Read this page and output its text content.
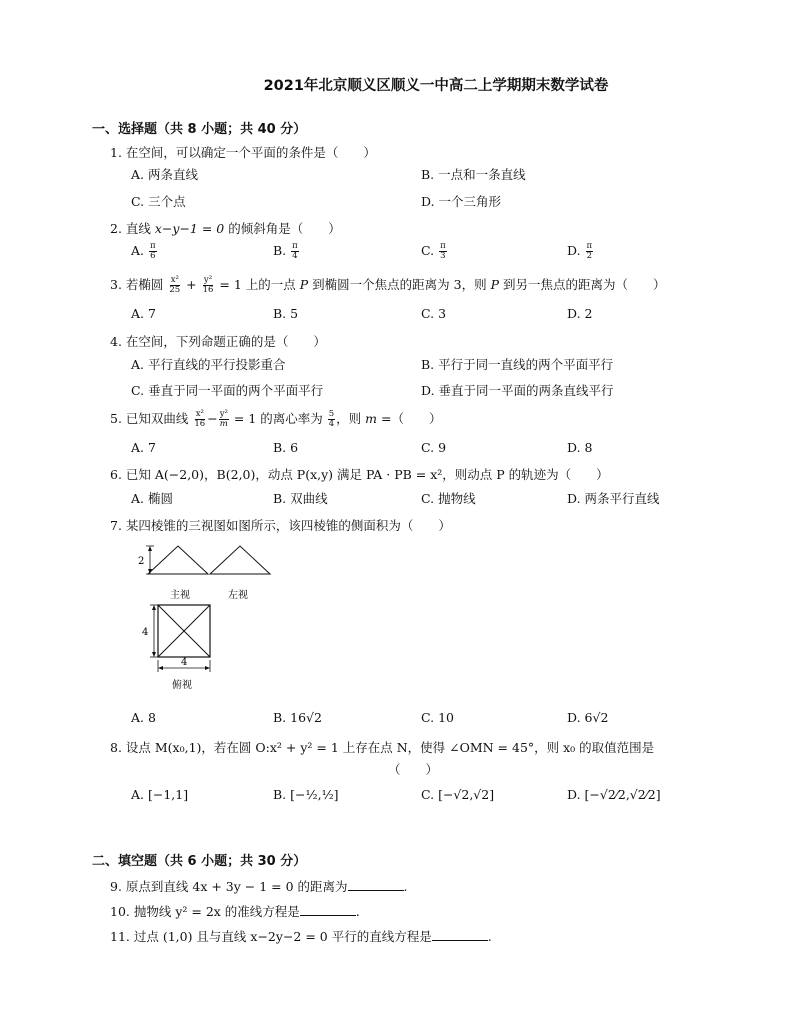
2021年北京顺义区顺义一中高二上学期期末数学试卷
一、选择题（共 8 小题；共 40 分）
1. 在空间，可以确定一个平面的条件是（　　）
A. 两条直线	B. 一点和一条直线
C. 三个点	D. 一个三角形
2. 直线 x−y−1 = 0 的倾斜角是（　　）
A. $\frac{\pi}{6}$	B. $\frac{\pi}{4}$	C. $\frac{\pi}{3}$	D. $\frac{\pi}{2}$
3. 若椭圆 $\frac{\text{x²}}{25} + \frac{\text{y²}}{16} = 1$ 上的一点 P 到椭圆一个焦点的距离为 3，则 P 到另一焦点的距离为（　　）
A. 7	B. 5	C. 3	D. 2
4. 在空间，下列命题正确的是（　　）
A. 平行直线的平行投影重合	B. 平行于同一直线的两个平面平行
C. 垂直于同一平面的两个平面平行	D. 垂直于同一平面的两条直线平行
5. 已知双曲线 $\frac{\text{x²}}{16} - \frac{\text{y²}}{m} = 1$ 的离心率为 $\frac{5}{4}$ ，则 m =（　　）
A. 7	B. 6	C. 9	D. 8
6. 已知 A(−2,0)，B(2,0)，动点 P(x,y) 满足 PA · PB = x²，则动点 P 的轨迹为（　　）
A. 椭圆	B. 双曲线	C. 抛物线	D. 两条平行直线
7. 某四棱锥的三视图如图所示，该四棱锥的侧面积为（　　）
2
主视	左视
4
4
俯视
A. 8	B. 16√2	C. 10	D. 6√2
8. 设点 M(x₀,1)，若在圆 O:x² + y² = 1 上存在点 N，使得 ∠OMN = 45°，则 x₀ 的取值范围是
（　　）
A. [−1,1]	B. [−½,½]	C. [−√2,√2]	D. [−√2⁄2,√2⁄2]
二、填空题（共 6 小题；共 30 分）
9. 原点到直线 4x + 3y − 1 = 0 的距离为	.
10. 抛物线 y² = 2x 的准线方程是	.
11. 过点 (1,0) 且与直线 x−2y−2 = 0 平行的直线方程是	.
